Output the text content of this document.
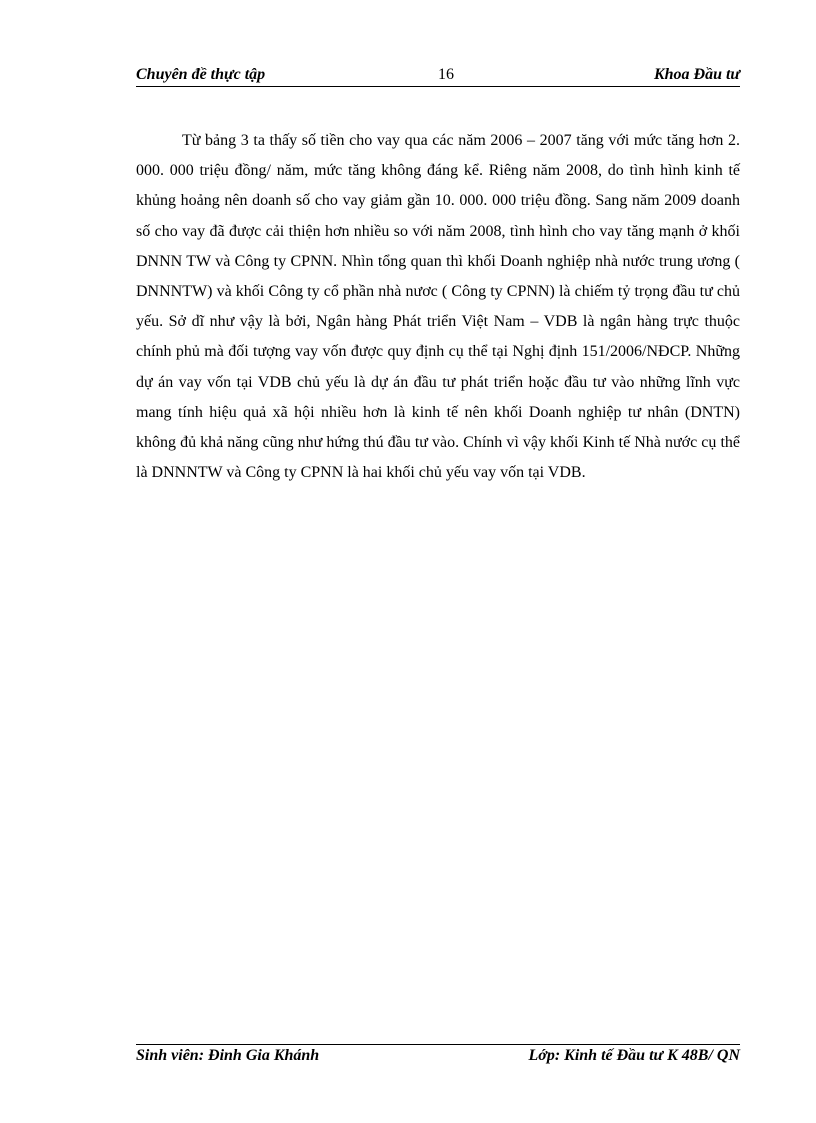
Chuyên đề thực tập	16	Khoa Đầu tư

Từ bảng 3 ta thấy số tiền cho vay qua các năm 2006 – 2007 tăng với mức tăng hơn 2. 000. 000 triệu đồng/ năm, mức tăng không đáng kể. Riêng năm 2008, do tình hình kinh tế khủng hoảng nên doanh số cho vay giảm gần 10. 000. 000 triệu đồng. Sang năm 2009 doanh số cho vay đã được cải thiện hơn nhiều so với năm 2008, tình hình cho vay tăng mạnh ở khối DNNN TW và Công ty CPNN. Nhìn tổng quan thì khối Doanh nghiệp nhà nước trung ương ( DNNNTW) và khối Công ty cổ phần nhà nươc ( Công ty CPNN) là chiếm tỷ trọng đầu tư chủ yếu. Sở dĩ như vậy là bởi, Ngân hàng Phát triển Việt Nam – VDB là ngân hàng trực thuộc chính phủ mà đối tượng vay vốn được quy định cụ thể tại Nghị định 151/2006/NĐCP. Những dự án vay vốn tại VDB chủ yếu là dự án đầu tư phát triển hoặc đầu tư vào những lĩnh vực mang tính hiệu quả xã hội nhiều hơn là kinh tế nên khối Doanh nghiệp tư nhân (DNTN) không đủ khả năng cũng như hứng thú đầu tư vào. Chính vì vậy khối Kinh tế Nhà nước cụ thể là DNNNTW và Công ty CPNN là hai khối chủ yếu vay vốn tại VDB.

Sinh viên: Đinh Gia Khánh	Lớp: Kinh tế Đầu tư K 48B/ QN
